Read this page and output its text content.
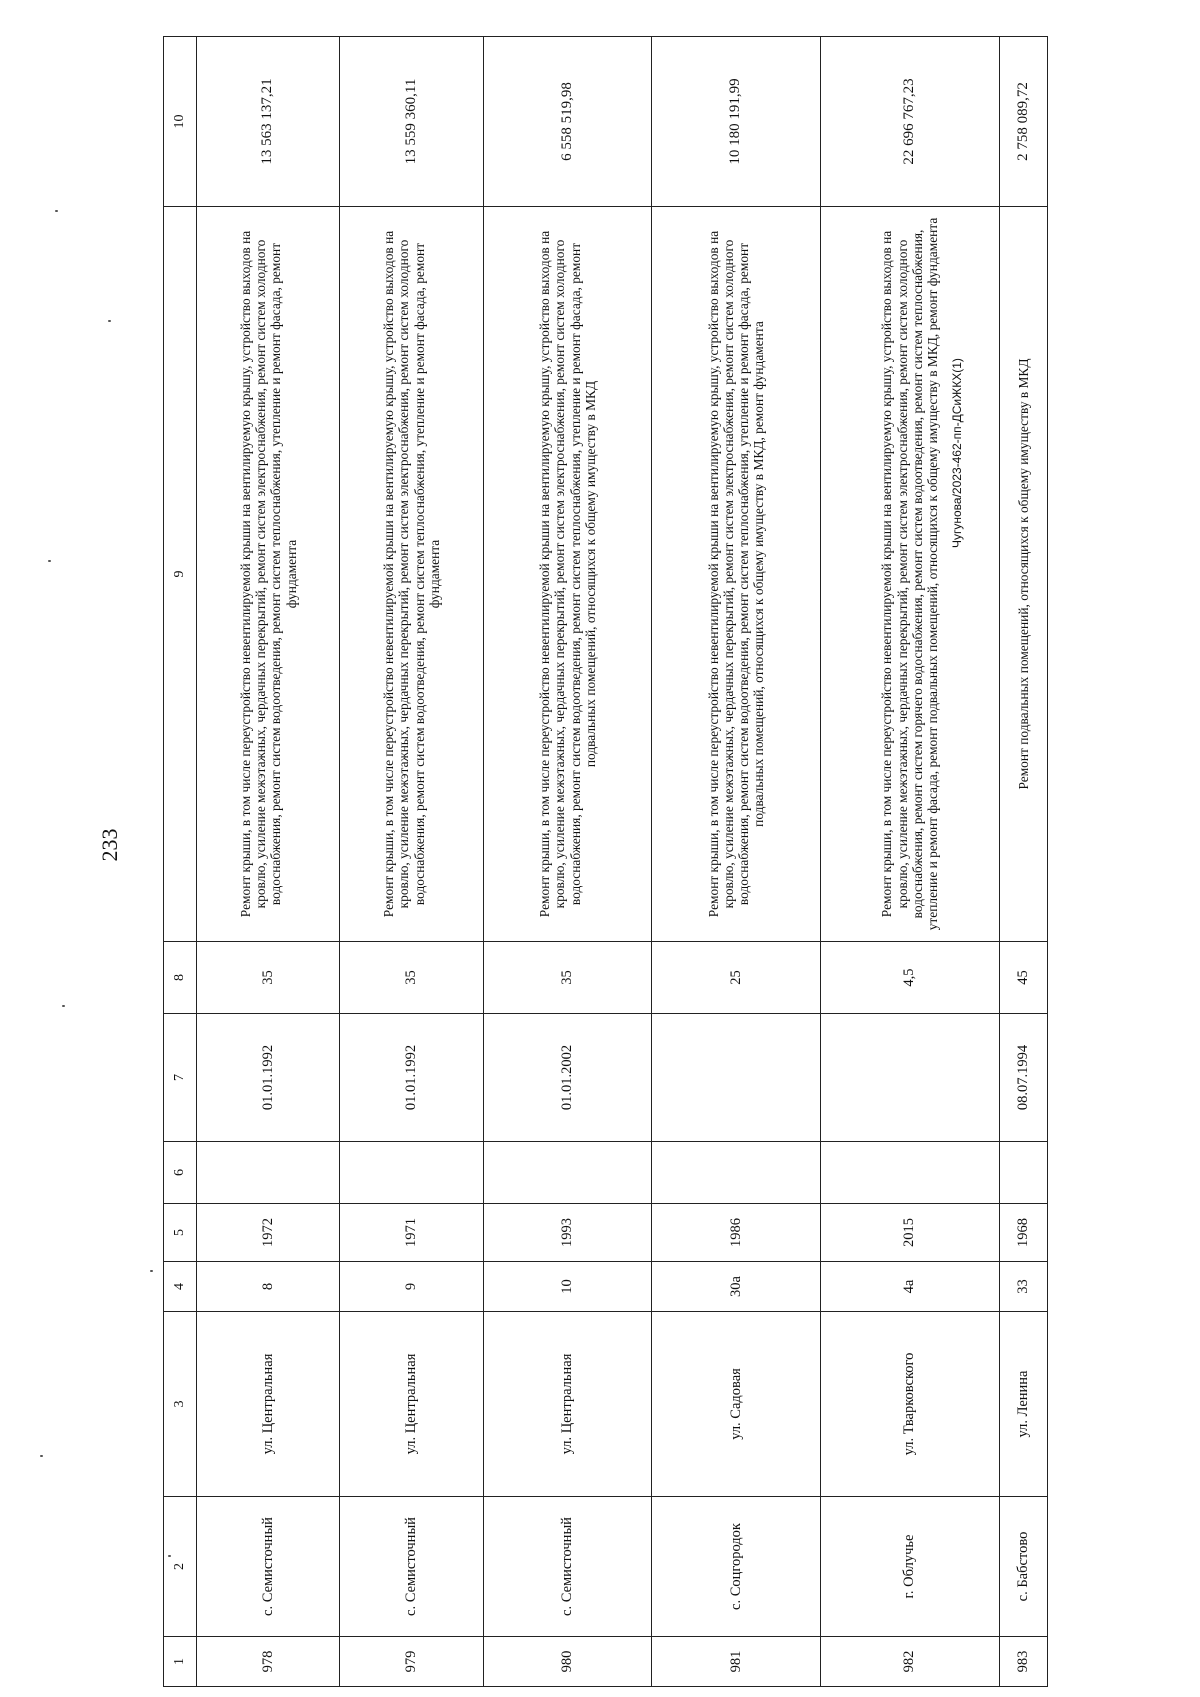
233
Чугунова/2023-462-пп-ДСиЖКХ(1)
1	2	3	4	5	6	7	8	9	10
978	с. Семисточный	ул. Центральная	8	1972		01.01.1992	35	Ремонт крыши, в том числе переустройство невентилируемой крыши на вентилируемую крышу, устройство выходов на кровлю, усиление межэтажных, чердачных перекрытий, ремонт систем электроснабжения, ремонт систем холодного водоснабжения, ремонт систем водоотведения, ремонт систем теплоснабжения, утепление и ремонт фасада, ремонт фундамента	13 563 137,21
979	с. Семисточный	ул. Центральная	9	1971		01.01.1992	35	Ремонт крыши, в том числе переустройство невентилируемой крыши на вентилируемую крышу, устройство выходов на кровлю, усиление межэтажных, чердачных перекрытий, ремонт систем электроснабжения, ремонт систем холодного водоснабжения, ремонт систем водоотведения, ремонт систем теплоснабжения, утепление и ремонт фасада, ремонт фундамента	13 559 360,11
980	с. Семисточный	ул. Центральная	10	1993		01.01.2002	35	Ремонт крыши, в том числе переустройство невентилируемой крыши на вентилируемую крышу, устройство выходов на кровлю, усиление межэтажных, чердачных перекрытий, ремонт систем электроснабжения, ремонт систем холодного водоснабжения, ремонт систем водоотведения, ремонт систем теплоснабжения, утепление и ремонт фасада, ремонт подвальных помещений, относящихся к общему имуществу в МКД	6 558 519,98
981	с. Соцгородок	ул. Садовая	30а	1986			25	Ремонт крыши, в том числе переустройство невентилируемой крыши на вентилируемую крышу, устройство выходов на кровлю, усиление межэтажных, чердачных перекрытий, ремонт систем электроснабжения, ремонт систем холодного водоснабжения, ремонт систем водоотведения, ремонт систем теплоснабжения, утепление и ремонт фасада, ремонт подвальных помещений, относящихся к общему имуществу в МКД, ремонт фундамента	10 180 191,99
982	г. Облучье	ул. Тварковского	4а	2015			4,5	Ремонт крыши, в том числе переустройство невентилируемой крыши на вентилируемую крышу, устройство выходов на кровлю, усиление межэтажных, чердачных перекрытий, ремонт систем электроснабжения, ремонт систем холодного водоснабжения, ремонт систем горячего водоснабжения, ремонт систем водоотведения, ремонт систем теплоснабжения, утепление и ремонт фасада, ремонт подвальных помещений, относящихся к общему имуществу в МКД, ремонт фундамента	22 696 767,23
983	с. Бабстово	ул. Ленина	33	1968		08.07.1994	45	Ремонт подвальных помещений, относящихся к общему имуществу в МКД	2 758 089,72
